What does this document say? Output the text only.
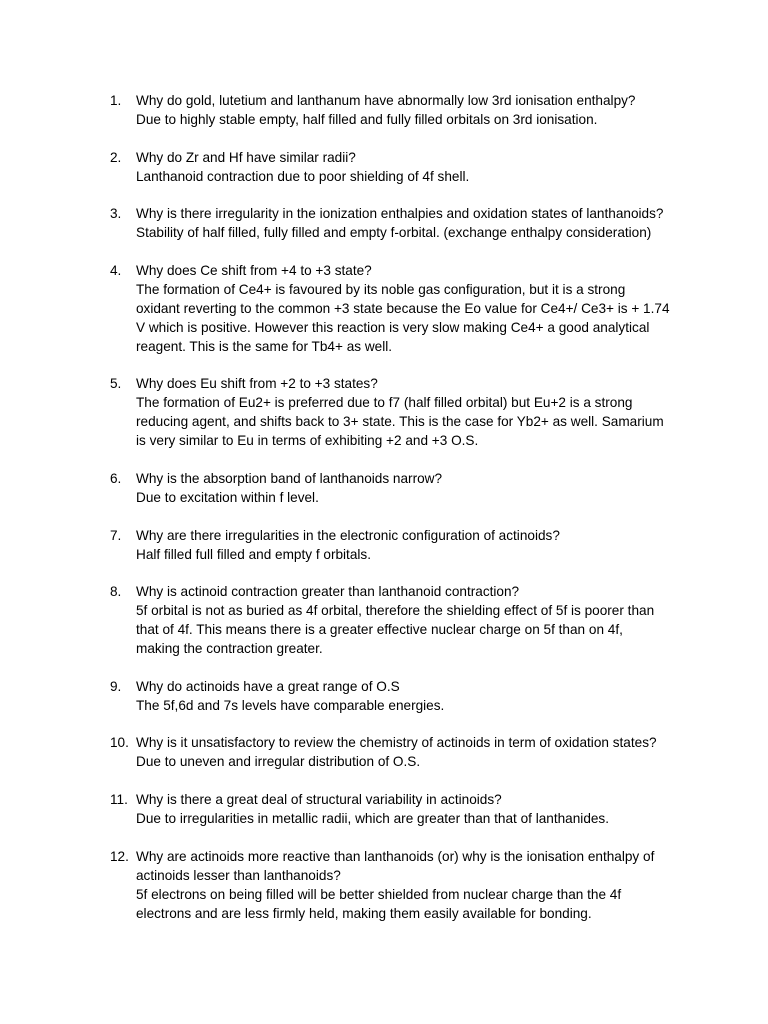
1.	Why do gold, lutetium and lanthanum have abnormally low 3rd ionisation enthalpy?
Due to highly stable empty, half filled and fully filled orbitals on 3rd ionisation.
2.	Why do Zr and Hf have similar radii?
Lanthanoid contraction due to poor shielding of 4f shell.
3.	Why is there irregularity in the ionization enthalpies and oxidation states of lanthanoids?
Stability of half filled, fully filled and empty f-orbital. (exchange enthalpy consideration)
4.	Why does Ce shift from +4 to +3 state?
The formation of Ce4+ is favoured by its noble gas configuration, but it is a strong oxidant reverting to the common +3 state because the Eo value for Ce4+/ Ce3+ is + 1.74 V which is positive. However this reaction is very slow making Ce4+ a good analytical reagent. This is the same for Tb4+ as well.
5.	Why does Eu shift from +2 to +3 states?
The formation of Eu2+ is preferred due to f7 (half filled orbital) but Eu+2 is a strong reducing agent, and shifts back to 3+ state. This is the case for Yb2+ as well. Samarium is very similar to Eu in terms of exhibiting +2 and +3 O.S.
6.	Why is the absorption band of lanthanoids narrow?
Due to excitation within f level.
7.	Why are there irregularities in the electronic configuration of actinoids?
Half filled full filled and empty f orbitals.
8.	Why is actinoid contraction greater than lanthanoid contraction?
5f orbital is not as buried as 4f orbital, therefore the shielding effect of 5f is poorer than that of 4f. This means there is a greater effective nuclear charge on 5f than on 4f, making the contraction greater.
9.	Why do actinoids have a great range of O.S
The 5f,6d and 7s levels have comparable energies.
10. Why is it unsatisfactory to review the chemistry of actinoids in term of oxidation states?
Due to uneven and irregular distribution of O.S.
11. Why is there a great deal of structural variability in actinoids?
Due to irregularities in metallic radii, which are greater than that of lanthanides.
12. Why are actinoids more reactive than lanthanoids (or) why is the ionisation enthalpy of actinoids lesser than lanthanoids?
5f electrons on being filled will be better shielded from nuclear charge than the 4f electrons and are less firmly held, making them easily available for bonding.
